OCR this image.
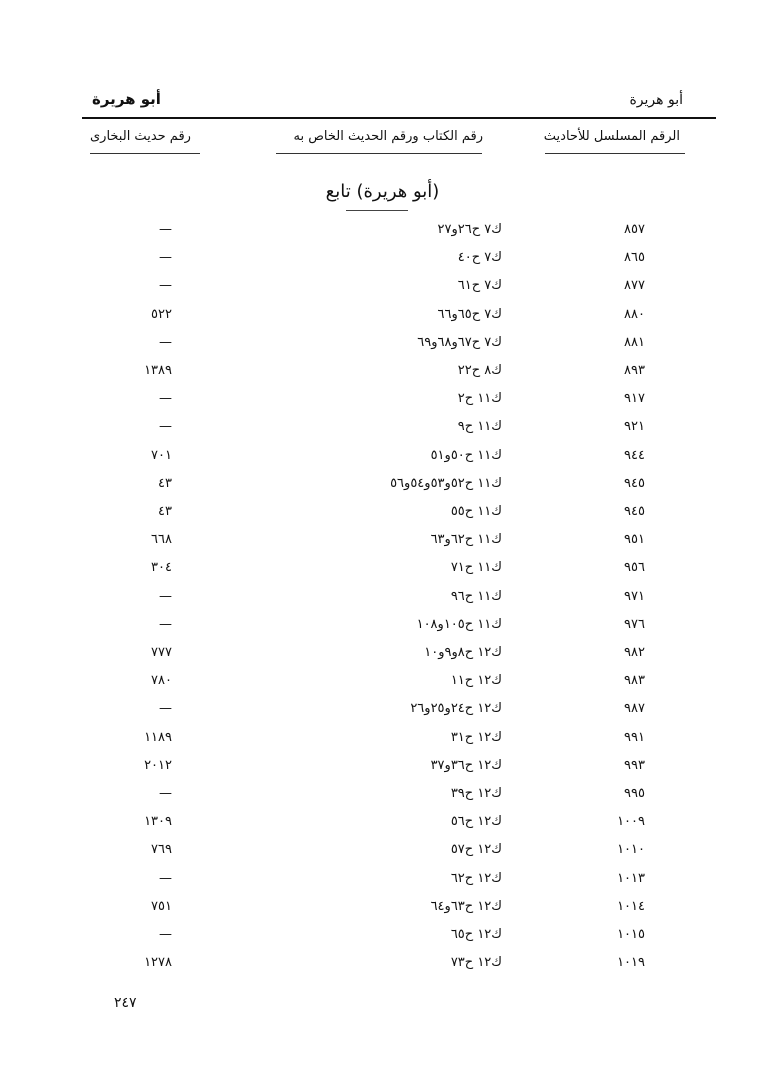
أبو هريرة	أبو هريرة
الرقم المسلسل للأحاديث
رقم الكتاب ورقم الحديث الخاص به
رقم حديث البخارى
(أبو هريرة) تابع
٨٥٧
ك٧ ح٢٦و٢٧
—
٨٦٥
ك٧ ح٤٠
—
٨٧٧
ك٧ ح٦١
—
٨٨٠
ك٧ ح٦٥و٦٦
٥٢٢
٨٨١
ك٧ ح٦٧و٦٨و٦٩
—
٨٩٣
ك٨ ح٢٢
١٣٨٩
٩١٧
ك١١ ح٢
—
٩٢١
ك١١ ح٩
—
٩٤٤
ك١١ ح٥٠و٥١
٧٠١
٩٤٥
ك١١ ح٥٢و٥٣و٥٤و٥٦
٤٣
٩٤٥
ك١١ ح٥٥
٤٣
٩٥١
ك١١ ح٦٢و٦٣
٦٦٨
٩٥٦
ك١١ ح٧١
٣٠٤
٩٧١
ك١١ ح٩٦
—
٩٧٦
ك١١ ح١٠٥و١٠٨
—
٩٨٢
ك١٢ ح٨و٩و١٠
٧٧٧
٩٨٣
ك١٢ ح١١
٧٨٠
٩٨٧
ك١٢ ح٢٤و٢٥و٢٦
—
٩٩١
ك١٢ ح٣١
١١٨٩
٩٩٣
ك١٢ ح٣٦و٣٧
٢٠١٢
٩٩٥
ك١٢ ح٣٩
—
١٠٠٩
ك١٢ ح٥٦
١٣٠٩
١٠١٠
ك١٢ ح٥٧
٧٦٩
١٠١٣
ك١٢ ح٦٢
—
١٠١٤
ك١٢ ح٦٣و٦٤
٧٥١
١٠١٥
ك١٢ ح٦٥
—
١٠١٩
ك١٢ ح٧٣
١٢٧٨
٢٤٧
